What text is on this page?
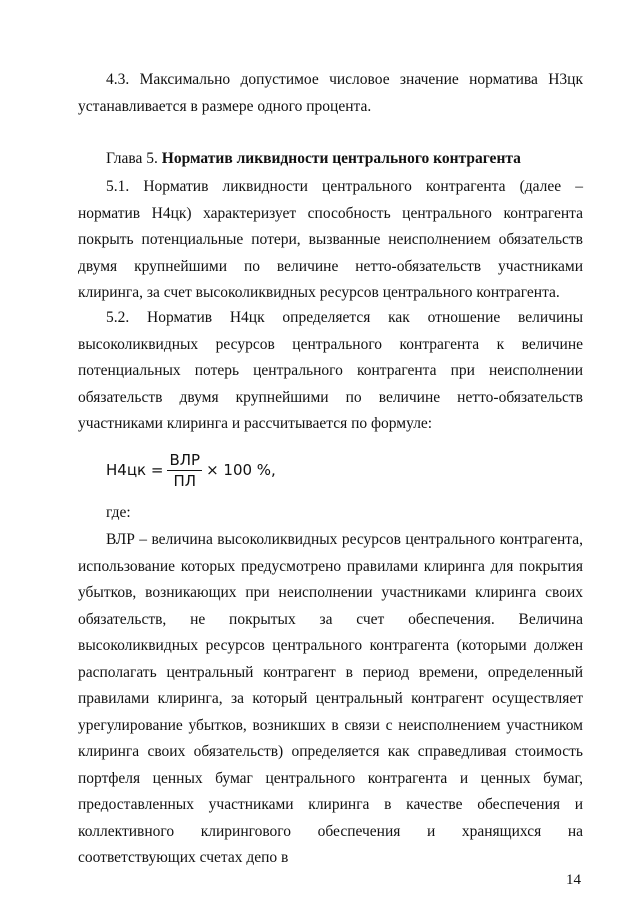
4.3. Максимально допустимое числовое значение норматива Н3цк устанавливается в размере одного процента.

Глава 5. Норматив ликвидности центрального контрагента

5.1. Норматив ликвидности центрального контрагента (далее – норматив Н4цк) характеризует способность центрального контрагента покрыть потенциальные потери, вызванные неисполнением обязательств двумя крупнейшими по величине нетто-обязательств участниками клиринга, за счет высоколиквидных ресурсов центрального контрагента.

5.2. Норматив Н4цк определяется как отношение величины высоколиквидных ресурсов центрального контрагента к величине потенциальных потерь центрального контрагента при неисполнении обязательств двумя крупнейшими по величине нетто-обязательств участниками клиринга и рассчитывается по формуле:

$Н4цк = \frac{\text{ВЛР}}{ПЛ} \times 100$ %,

где:

ВЛР – величина высоколиквидных ресурсов центрального контрагента, использование которых предусмотрено правилами клиринга для покрытия убытков, возникающих при неисполнении участниками клиринга своих обязательств, не покрытых за счет обеспечения. Величина высоколиквидных ресурсов центрального контрагента (которыми должен располагать центральный контрагент в период времени, определенный правилами клиринга, за который центральный контрагент осуществляет урегулирование убытков, возникших в связи с неисполнением участником клиринга своих обязательств) определяется как справедливая стоимость портфеля ценных бумаг центрального контрагента и ценных бумаг, предоставленных участниками клиринга в качестве обеспечения и коллективного клирингового обеспечения и хранящихся на соответствующих счетах депо в

14
